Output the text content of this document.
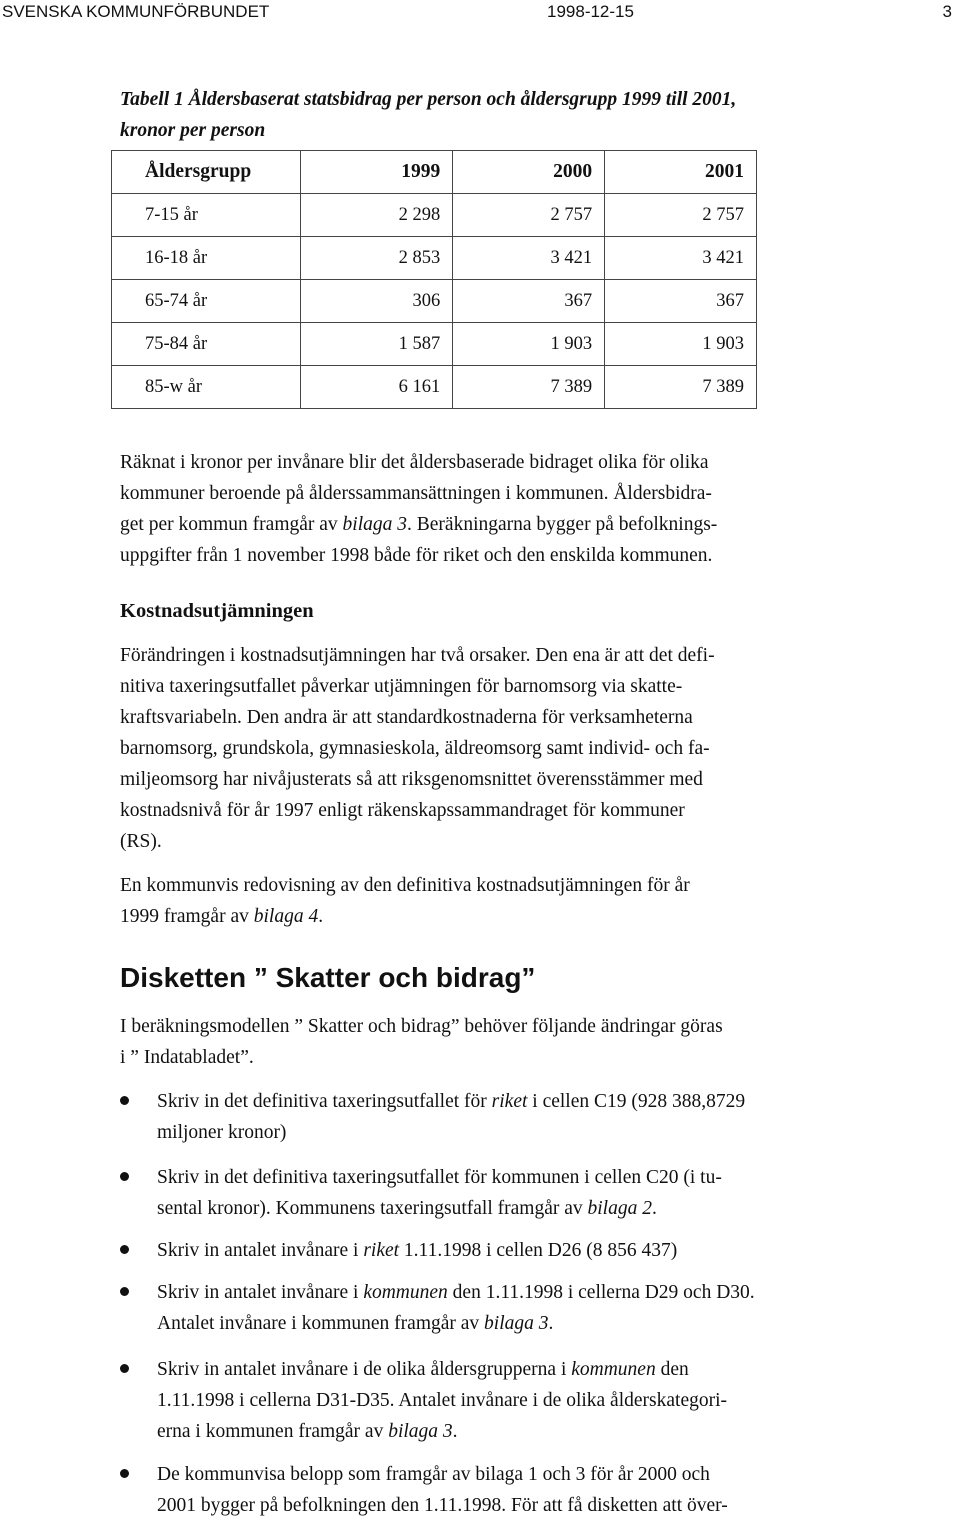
SVENSKA KOMMUNFÖRBUNDET	1998-12-15	3
Tabell 1 Åldersbaserat statsbidrag per person och åldersgrupp 1999 till 2001,
kronor per person
Åldersgrupp	1999	2000	2001
7‐15 år	2 298	2 757	2 757
16‐18 år	2 853	3 421	3 421
65‐74 år	306	367	367
75‐84 år	1 587	1 903	1 903
85‐w år	6 161	7 389	7 389
Räknat i kronor per invånare blir det åldersbaserade bidraget olika för olika
kommuner beroende på ålderssammansättningen i kommunen. Åldersbidra-
get per kommun framgår av bilaga 3. Beräkningarna bygger på befolknings-
uppgifter från 1 november 1998 både för riket och den enskilda kommunen.
Kostnadsutjämningen
Förändringen i kostnadsutjämningen har två orsaker. Den ena är att det defi-
nitiva taxeringsutfallet påverkar utjämningen för barnomsorg via skatte-
kraftsvariabeln. Den andra är att standardkostnaderna för verksamheterna
barnomsorg, grundskola, gymnasieskola, äldreomsorg samt individ- och fa-
miljeomsorg har nivåjusterats så att riksgenomsnittet överensstämmer med
kostnadsnivå för år 1997 enligt räkenskapssammandraget för kommuner
(RS).
En kommunvis redovisning av den definitiva kostnadsutjämningen för år
1999 framgår av bilaga 4.
Disketten ” Skatter och bidrag”
I beräkningsmodellen ” Skatter och bidrag” behöver följande ändringar göras
i ” Indatabladet”.
Skriv in det definitiva taxeringsutfallet för riket i cellen C19 (928 388,8729
miljoner kronor)
Skriv in det definitiva taxeringsutfallet för kommunen i cellen C20 (i tu-
sental kronor). Kommunens taxeringsutfall framgår av bilaga 2.
Skriv in antalet invånare i riket 1.11.1998 i cellen D26 (8 856 437)
Skriv in antalet invånare i kommunen den 1.11.1998 i cellerna D29 och D30.
Antalet invånare i kommunen framgår av bilaga 3.
Skriv in antalet invånare i de olika åldersgrupperna i kommunen den
1.11.1998 i cellerna D31‐D35. Antalet invånare i de olika ålderskategori-
erna i kommunen framgår av bilaga 3.
De kommunvisa belopp som framgår av bilaga 1 och 3 för år 2000 och
2001 bygger på befolkningen den 1.11.1998. För att få disketten att över-
